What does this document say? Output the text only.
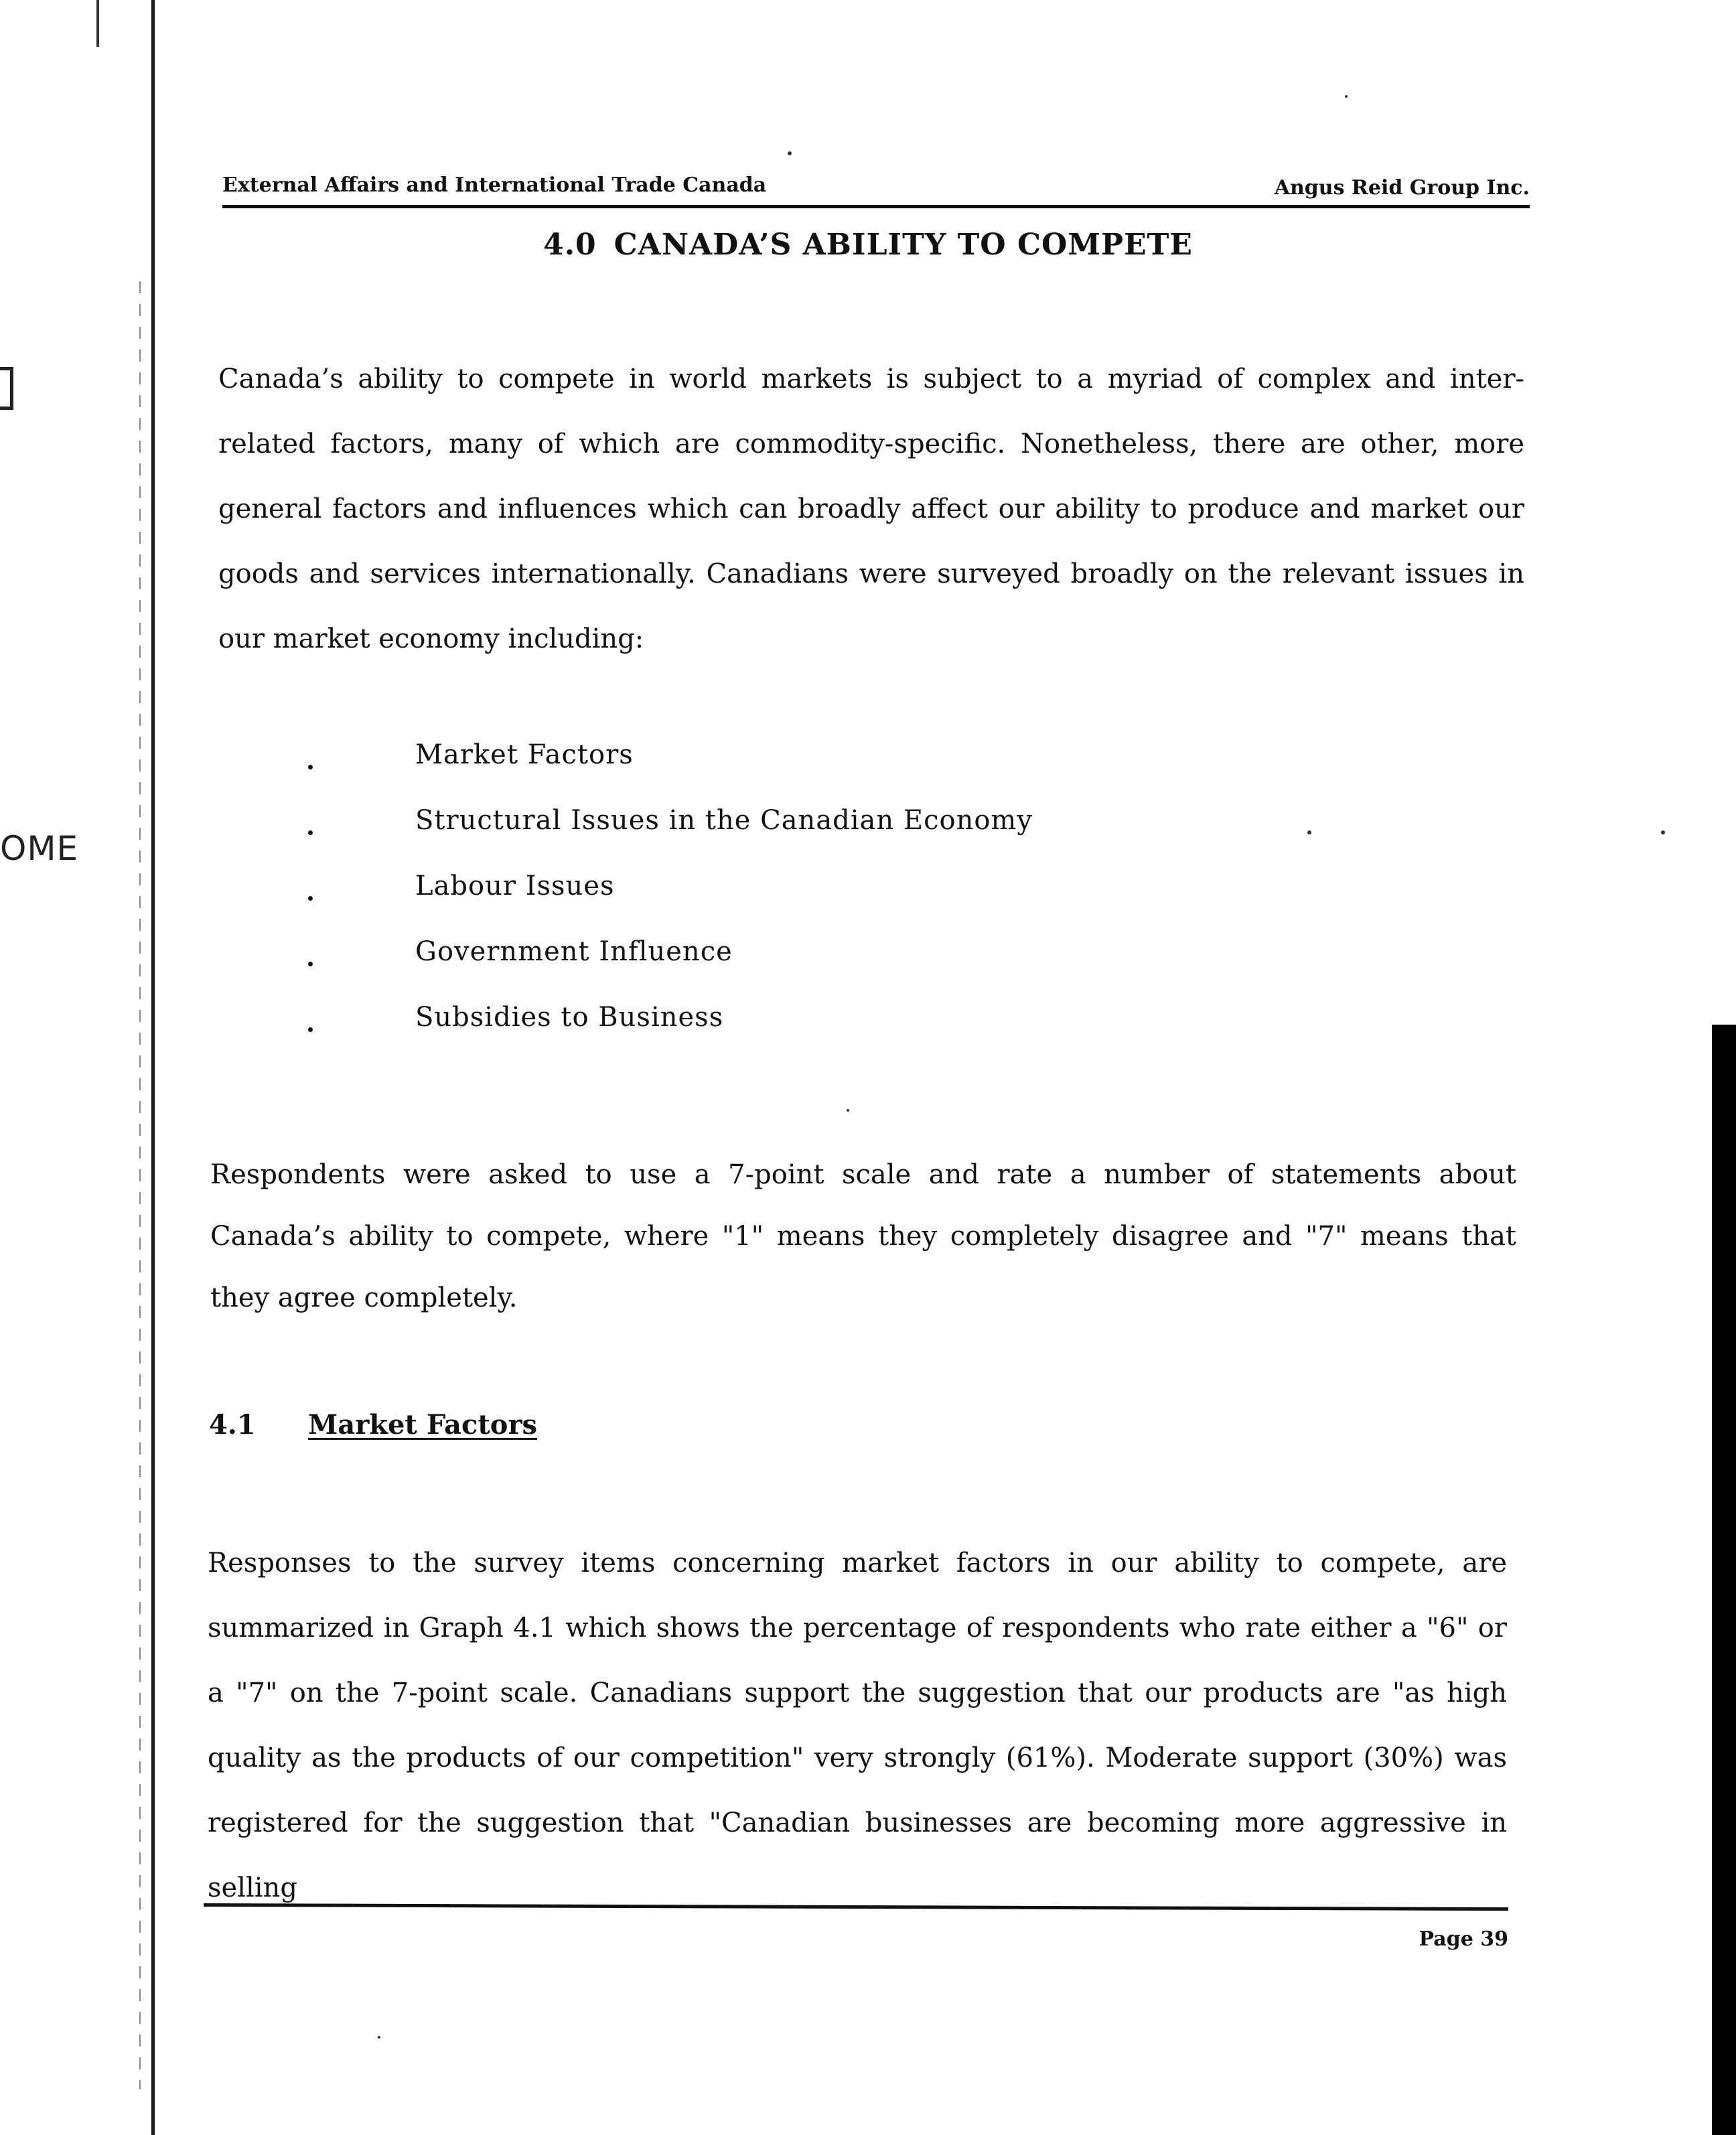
OME
External Affairs and International Trade Canada	Angus Reid Group Inc.
4.0 CANADA’S ABILITY TO COMPETE

Canada’s ability to compete in world markets is subject to a myriad of complex and inter-related factors, many of which are commodity-specific. Nonetheless, there are other, more general factors and influences which can broadly affect our ability to produce and market our goods and services internationally. Canadians were surveyed broadly on the relevant issues in our market economy including:

Market Factors
Structural Issues in the Canadian Economy
Labour Issues
Government Influence
Subsidies to Business

Respondents were asked to use a 7-point scale and rate a number of statements about Canada’s ability to compete, where "1" means they completely disagree and "7" means that they agree completely.

4.1 Market Factors

Responses to the survey items concerning market factors in our ability to compete, are summarized in Graph 4.1 which shows the percentage of respondents who rate either a "6" or a "7" on the 7-point scale. Canadians support the suggestion that our products are "as high quality as the products of our competition" very strongly (61%). Moderate support (30%) was registered for the suggestion that "Canadian businesses are becoming more aggressive in selling

Page 39
